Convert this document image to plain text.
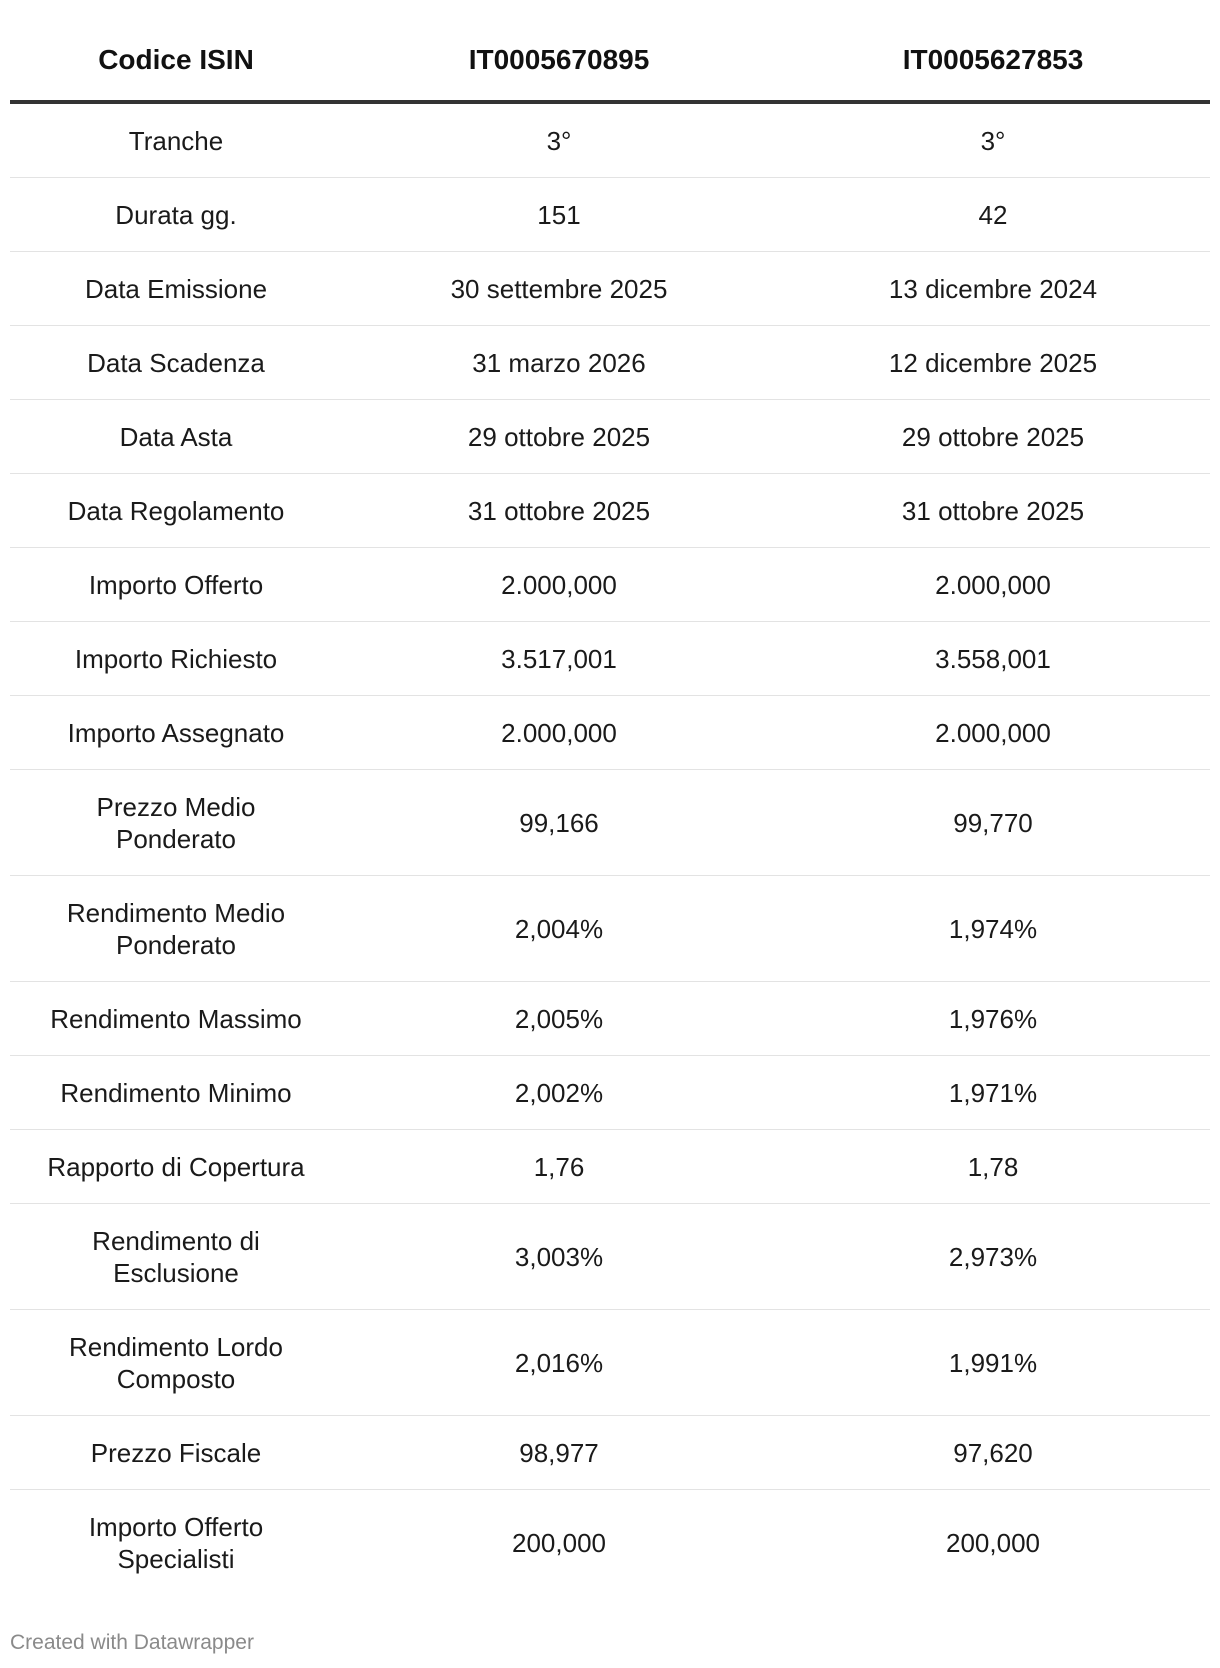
Codice ISIN	IT0005670895	IT0005627853
Tranche	3°	3°
Durata gg.	151	42
Data Emissione	30 settembre 2025	13 dicembre 2024
Data Scadenza	31 marzo 2026	12 dicembre 2025
Data Asta	29 ottobre 2025	29 ottobre 2025
Data Regolamento	31 ottobre 2025	31 ottobre 2025
Importo Offerto	2.000,000	2.000,000
Importo Richiesto	3.517,001	3.558,001
Importo Assegnato	2.000,000	2.000,000
Prezzo Medio Ponderato	99,166	99,770
Rendimento Medio Ponderato	2,004%	1,974%
Rendimento Massimo	2,005%	1,976%
Rendimento Minimo	2,002%	1,971%
Rapporto di Copertura	1,76	1,78
Rendimento di Esclusione	3,003%	2,973%
Rendimento Lordo Composto	2,016%	1,991%
Prezzo Fiscale	98,977	97,620
Importo Offerto Specialisti	200,000	200,000
Created with Datawrapper
